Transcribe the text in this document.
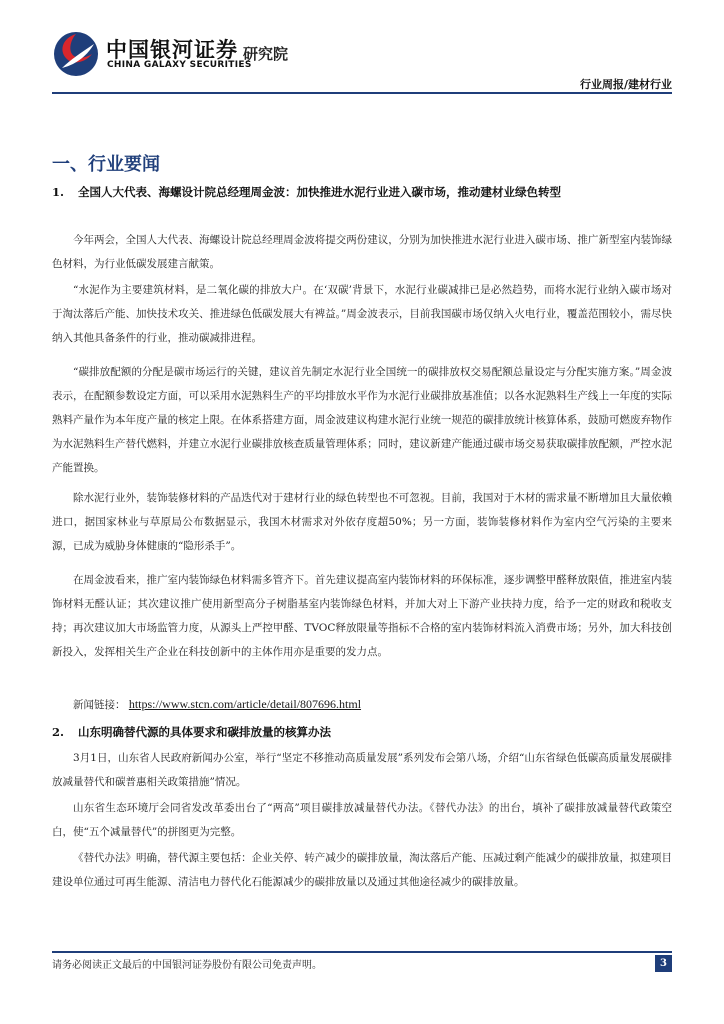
中国银河证券
CHINA GALAXY SECURITIES
研究院
行业周报/建材行业
一、行业要闻
1. 全国人大代表、海螺设计院总经理周金波：加快推进水泥行业进入碳市场，推动建材业绿色转型

今年两会，全国人大代表、海螺设计院总经理周金波将提交两份建议，分别为加快推进水泥行业进入碳市场、推广新型室内装饰绿色材料，为行业低碳发展建言献策。

“水泥作为主要建筑材料，是二氧化碳的排放大户。在‘双碳’背景下，水泥行业碳减排已是必然趋势，而将水泥行业纳入碳市场对于淘汰落后产能、加快技术攻关、推进绿色低碳发展大有裨益。”周金波表示，目前我国碳市场仅纳入火电行业，覆盖范围较小，需尽快纳入其他具备条件的行业，推动碳减排进程。

“碳排放配额的分配是碳市场运行的关键，建议首先制定水泥行业全国统一的碳排放权交易配额总量设定与分配实施方案。”周金波表示，在配额参数设定方面，可以采用水泥熟料生产的平均排放水平作为水泥行业碳排放基准值；以各水泥熟料生产线上一年度的实际熟料产量作为本年度产量的核定上限。在体系搭建方面，周金波建议构建水泥行业统一规范的碳排放统计核算体系，鼓励可燃废弃物作为水泥熟料生产替代燃料，并建立水泥行业碳排放核查质量管理体系；同时，建议新建产能通过碳市场交易获取碳排放配额，严控水泥产能置换。

除水泥行业外，装饰装修材料的产品迭代对于建材行业的绿色转型也不可忽视。目前，我国对于木材的需求量不断增加且大量依赖进口，据国家林业与草原局公布数据显示，我国木材需求对外依存度超50%；另一方面，装饰装修材料作为室内空气污染的主要来源，已成为威胁身体健康的“隐形杀手”。

在周金波看来，推广室内装饰绿色材料需多管齐下。首先建议提高室内装饰材料的环保标准，逐步调整甲醛释放限值，推进室内装饰材料无醛认证；其次建议推广使用新型高分子树脂基室内装饰绿色材料，并加大对上下游产业扶持力度，给予一定的财政和税收支持；再次建议加大市场监管力度，从源头上严控甲醛、TVOC释放限量等指标不合格的室内装饰材料流入消费市场；另外，加大科技创新投入，发挥相关生产企业在科技创新中的主体作用亦是重要的发力点。

新闻链接： https://www.stcn.com/article/detail/807696.html

2. 山东明确替代源的具体要求和碳排放量的核算办法

3月1日，山东省人民政府新闻办公室，举行“坚定不移推动高质量发展”系列发布会第八场，介绍“山东省绿色低碳高质量发展碳排放减量替代和碳普惠相关政策措施”情况。

山东省生态环境厅会同省发改革委出台了“两高”项目碳排放减量替代办法。《替代办法》的出台，填补了碳排放减量替代政策空白，使“五个减量替代”的拼图更为完整。

《替代办法》明确，替代源主要包括：企业关停、转产减少的碳排放量，淘汰落后产能、压减过剩产能减少的碳排放量，拟建项目建设单位通过可再生能源、清洁电力替代化石能源减少的碳排放量以及通过其他途径减少的碳排放量。

请务必阅读正文最后的中国银河证券股份有限公司免责声明。	3
